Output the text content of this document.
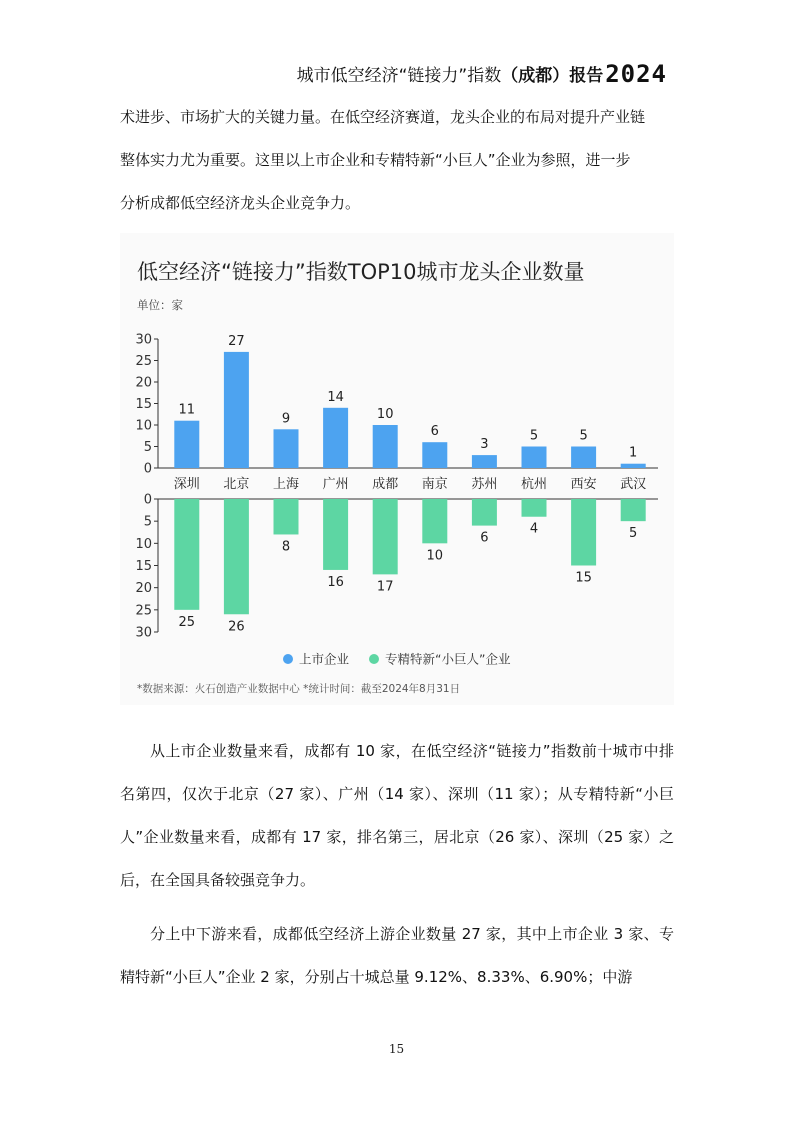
城市低空经济“链接力”指数 （成都） 报告 2024

术进步、市场扩大的关键力量。在低空经济赛道，龙头企业的布局对提升产业链

整体实力尤为重要。这里以上市企业和专精特新“小巨人”企业为参照，进一步

分析成都低空经济龙头企业竞争力。

低空经济“链接力”指数TOP10城市龙头企业数量
单位：家
0
0
5
5
10
10
15
15
20
20
25
25
30
30
深圳
11
25
北京
27
26
上海
9
8
广州
14
16
成都
10
17
南京
6
10
苏州
3
6
杭州
5
4
西安
5
15
武汉
1
5
上市企业	专精特新“小巨人”企业
*数据来源：火石创造产业数据中心 *统计时间：截至2024年8月31日

从上市企业数量来看，成都有 10 家，在低空经济“链接力”指数前十城市中排名第四，仅次于北京（27 家）、广州（14 家）、深圳（11 家）；从专精特新“小巨人”企业数量来看，成都有 17 家，排名第三，居北京（26 家）、深圳（25 家）之后，在全国具备较强竞争力。

分上中下游来看，成都低空经济上游企业数量 27 家，其中上市企业 3 家、专精特新“小巨人”企业 2 家，分别占十城总量 9.12%、8.33%、6.90%；中游

15
